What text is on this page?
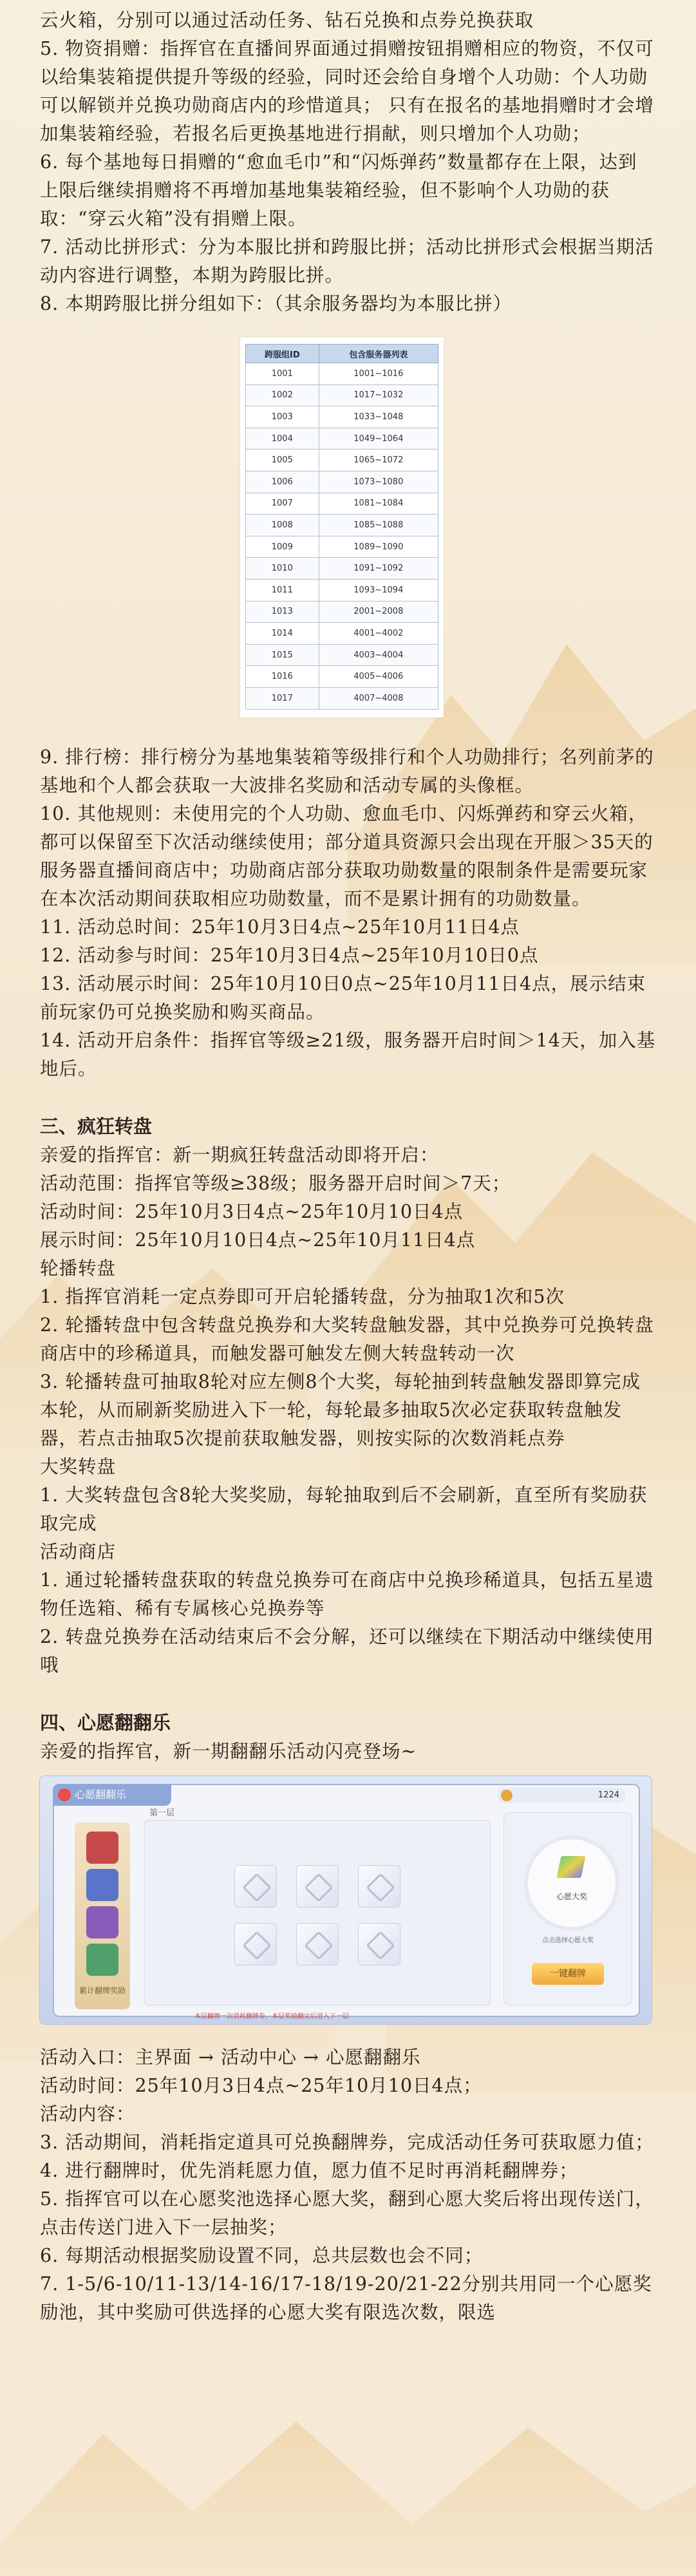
云火箱，分别可以通过活动任务、钻石兑换和点券兑换获取

5. 物资捐赠：指挥官在直播间界面通过捐赠按钮捐赠相应的物资，不仅可以给集装箱提供提升等级的经验，同时还会给自身增个人功勋：个人功勋可以解锁并兑换功勋商店内的珍惜道具； 只有在报名的基地捐赠时才会增加集装箱经验，若报名后更换基地进行捐献，则只增加个人功勋；

6. 每个基地每日捐赠的“愈血毛巾”和“闪烁弹药”数量都存在上限，达到上限后继续捐赠将不再增加基地集装箱经验，但不影响个人功勋的获取：“穿云火箱”没有捐赠上限。

7. 活动比拼形式：分为本服比拼和跨服比拼；活动比拼形式会根据当期活动内容进行调整，本期为跨服比拼。

8. 本期跨服比拼分组如下：（其余服务器均为本服比拼）

跨服组ID	包含服务器列表
1001	1001~1016
1002	1017~1032
1003	1033~1048
1004	1049~1064
1005	1065~1072
1006	1073~1080
1007	1081~1084
1008	1085~1088
1009	1089~1090
1010	1091~1092
1011	1093~1094
1013	2001~2008
1014	4001~4002
1015	4003~4004
1016	4005~4006
1017	4007~4008

9. 排行榜：排行榜分为基地集装箱等级排行和个人功勋排行；名列前茅的基地和个人都会获取一大波排名奖励和活动专属的头像框。

10. 其他规则：未使用完的个人功勋、愈血毛巾、闪烁弹药和穿云火箱，都可以保留至下次活动继续使用；部分道具资源只会出现在开服＞35天的服务器直播间商店中；功勋商店部分获取功勋数量的限制条件是需要玩家在本次活动期间获取相应功勋数量，而不是累计拥有的功勋数量。

11. 活动总时间：25年10月3日4点~25年10月11日4点

12. 活动参与时间：25年10月3日4点~25年10月10日0点

13. 活动展示时间：25年10月10日0点~25年10月11日4点，展示结束前玩家仍可兑换奖励和购买商品。

14. 活动开启条件：指挥官等级≥21级，服务器开启时间＞14天，加入基地后。

三、疯狂转盘

亲爱的指挥官：新一期疯狂转盘活动即将开启：

活动范围：指挥官等级≥38级；服务器开启时间＞7天；

活动时间：25年10月3日4点~25年10月10日4点

展示时间：25年10月10日4点~25年10月11日4点

轮播转盘

1. 指挥官消耗一定点券即可开启轮播转盘，分为抽取1次和5次

2. 轮播转盘中包含转盘兑换券和大奖转盘触发器，其中兑换券可兑换转盘商店中的珍稀道具，而触发器可触发左侧大转盘转动一次

3. 轮播转盘可抽取8轮对应左侧8个大奖，每轮抽到转盘触发器即算完成本轮，从而刷新奖励进入下一轮，每轮最多抽取5次必定获取转盘触发器，若点击抽取5次提前获取触发器，则按实际的次数消耗点券

大奖转盘

1. 大奖转盘包含8轮大奖奖励，每轮抽取到后不会刷新，直至所有奖励获取完成

活动商店

1. 通过轮播转盘获取的转盘兑换券可在商店中兑换珍稀道具，包括五星遗物任选箱、稀有专属核心兑换券等

2. 转盘兑换券在活动结束后不会分解，还可以继续在下期活动中继续使用哦

四、心愿翻翻乐

亲爱的指挥官，新一期翻翻乐活动闪亮登场~

心愿翻翻乐
第一层
1224
累计翻牌奖励
心愿大奖
点击选择心愿大奖
一键翻牌
本层翻牌一次消耗翻牌券，本层奖励翻完后进入下一层

活动入口：主界面 → 活动中心 → 心愿翻翻乐

活动时间：25年10月3日4点~25年10月10日4点；

活动内容：

3. 活动期间，消耗指定道具可兑换翻牌券，完成活动任务可获取愿力值；

4. 进行翻牌时，优先消耗愿力值，愿力值不足时再消耗翻牌券；

5. 指挥官可以在心愿奖池选择心愿大奖，翻到心愿大奖后将出现传送门，点击传送门进入下一层抽奖；

6. 每期活动根据奖励设置不同，总共层数也会不同；

7. 1-5/6-10/11-13/14-16/17-18/19-20/21-22分别共用同一个心愿奖励池，其中奖励可供选择的心愿大奖有限选次数，限选
